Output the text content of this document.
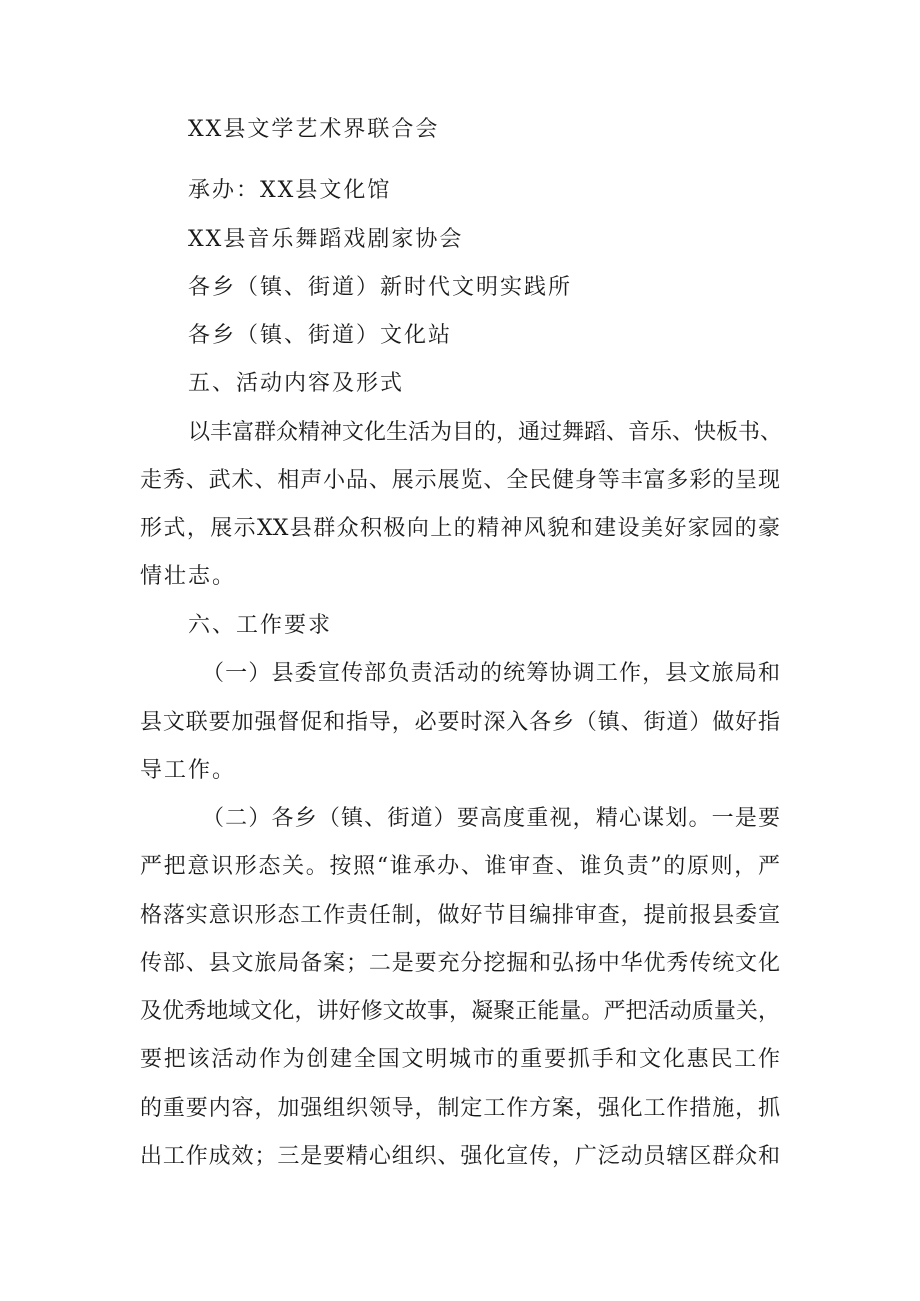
XX县文学艺术界联合会
承办：XX县文化馆
XX县音乐舞蹈戏剧家协会
各乡（镇、街道）新时代文明实践所
各乡（镇、街道）文化站
五、活动内容及形式
以丰富群众精神文化生活为目的，通过舞蹈、音乐、快板书、
走秀、武术、相声小品、展示展览、全民健身等丰富多彩的呈现
形式，展示XX县群众积极向上的精神风貌和建设美好家园的豪
情壮志。
六、工作要求
（一）县委宣传部负责活动的统筹协调工作，县文旅局和
县文联要加强督促和指导，必要时深入各乡（镇、街道）做好指
导工作。
（二）各乡（镇、街道）要高度重视，精心谋划。一是要
严把意识形态关。按照“谁承办、谁审查、谁负责”的原则，严
格落实意识形态工作责任制，做好节目编排审查，提前报县委宣
传部、县文旅局备案；二是要充分挖掘和弘扬中华优秀传统文化
及优秀地域文化，讲好修文故事，凝聚正能量。严把活动质量关，
要把该活动作为创建全国文明城市的重要抓手和文化惠民工作
的重要内容，加强组织领导，制定工作方案，强化工作措施，抓
出工作成效；三是要精心组织、强化宣传，广泛动员辖区群众和
